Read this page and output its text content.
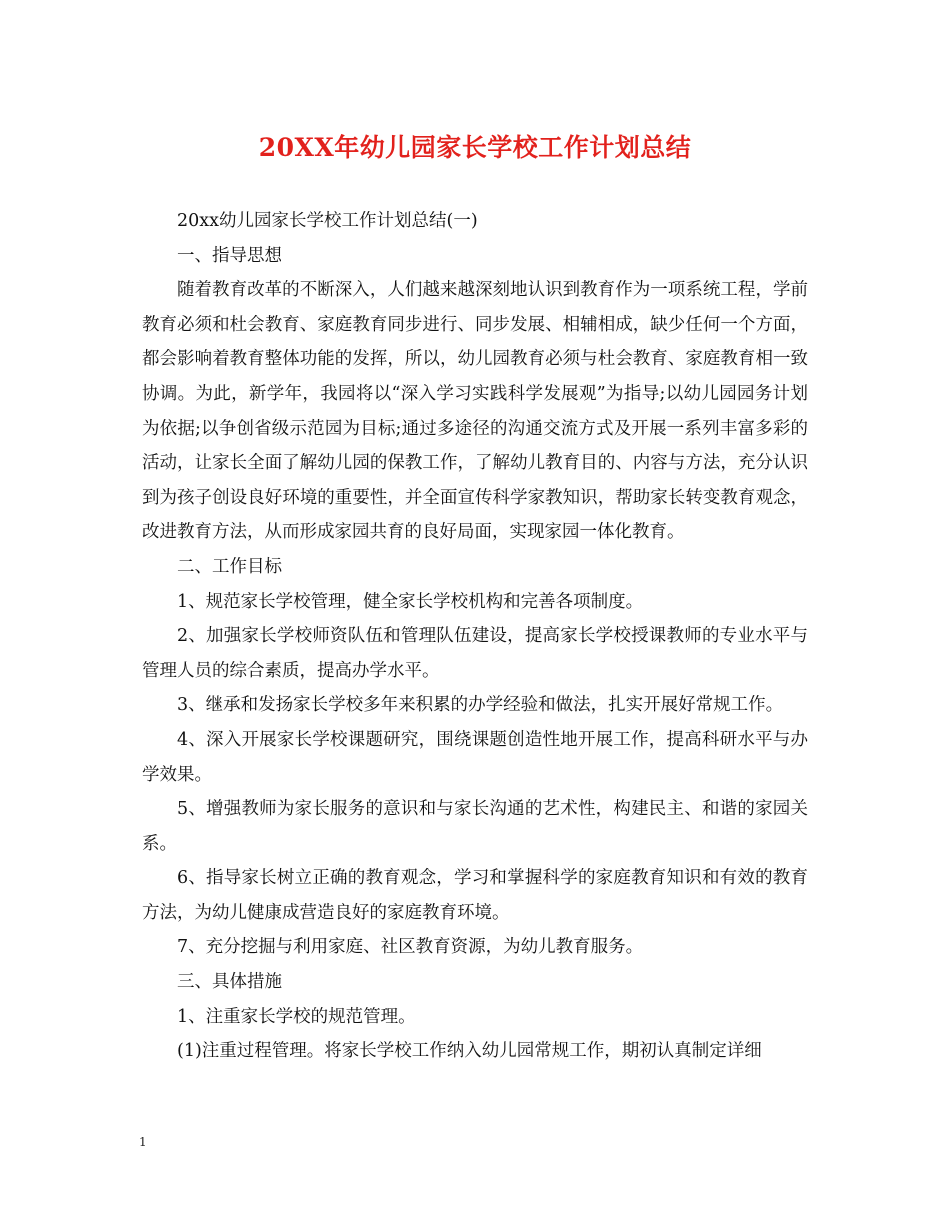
20XX年幼儿园家长学校工作计划总结

20xx幼儿园家长学校工作计划总结(一)

一、指导思想

随着教育改革的不断深入，人们越来越深刻地认识到教育作为一项系统工程，学前教育必须和杜会教育、家庭教育同步进行、同步发展、相辅相成，缺少任何一个方面，都会影响着教育整体功能的发挥，所以，幼儿园教育必须与杜会教育、家庭教育相一致协调。为此，新学年，我园将以“深入学习实践科学发展观”为指导;以幼儿园园务计划为依据;以争创省级示范园为目标;通过多途径的沟通交流方式及开展一系列丰富多彩的活动，让家长全面了解幼儿园的保教工作，了解幼儿教育目的、内容与方法，充分认识到为孩子创设良好环境的重要性，并全面宣传科学家教知识，帮助家长转变教育观念，改进教育方法，从而形成家园共育的良好局面，实现家园一体化教育。

二、工作目标

1、规范家长学校管理，健全家长学校机构和完善各项制度。

2、加强家长学校师资队伍和管理队伍建设，提高家长学校授课教师的专业水平与管理人员的综合素质，提高办学水平。

3、继承和发扬家长学校多年来积累的办学经验和做法，扎实开展好常规工作。

4、深入开展家长学校课题研究，围绕课题创造性地开展工作，提高科研水平与办学效果。

5、增强教师为家长服务的意识和与家长沟通的艺术性，构建民主、和谐的家园关系。

6、指导家长树立正确的教育观念，学习和掌握科学的家庭教育知识和有效的教育方法，为幼儿健康成营造良好的家庭教育环境。

7、充分挖掘与利用家庭、社区教育资源，为幼儿教育服务。

三、具体措施

1、注重家长学校的规范管理。

(1)注重过程管理。将家长学校工作纳入幼儿园常规工作，期初认真制定详细

1
